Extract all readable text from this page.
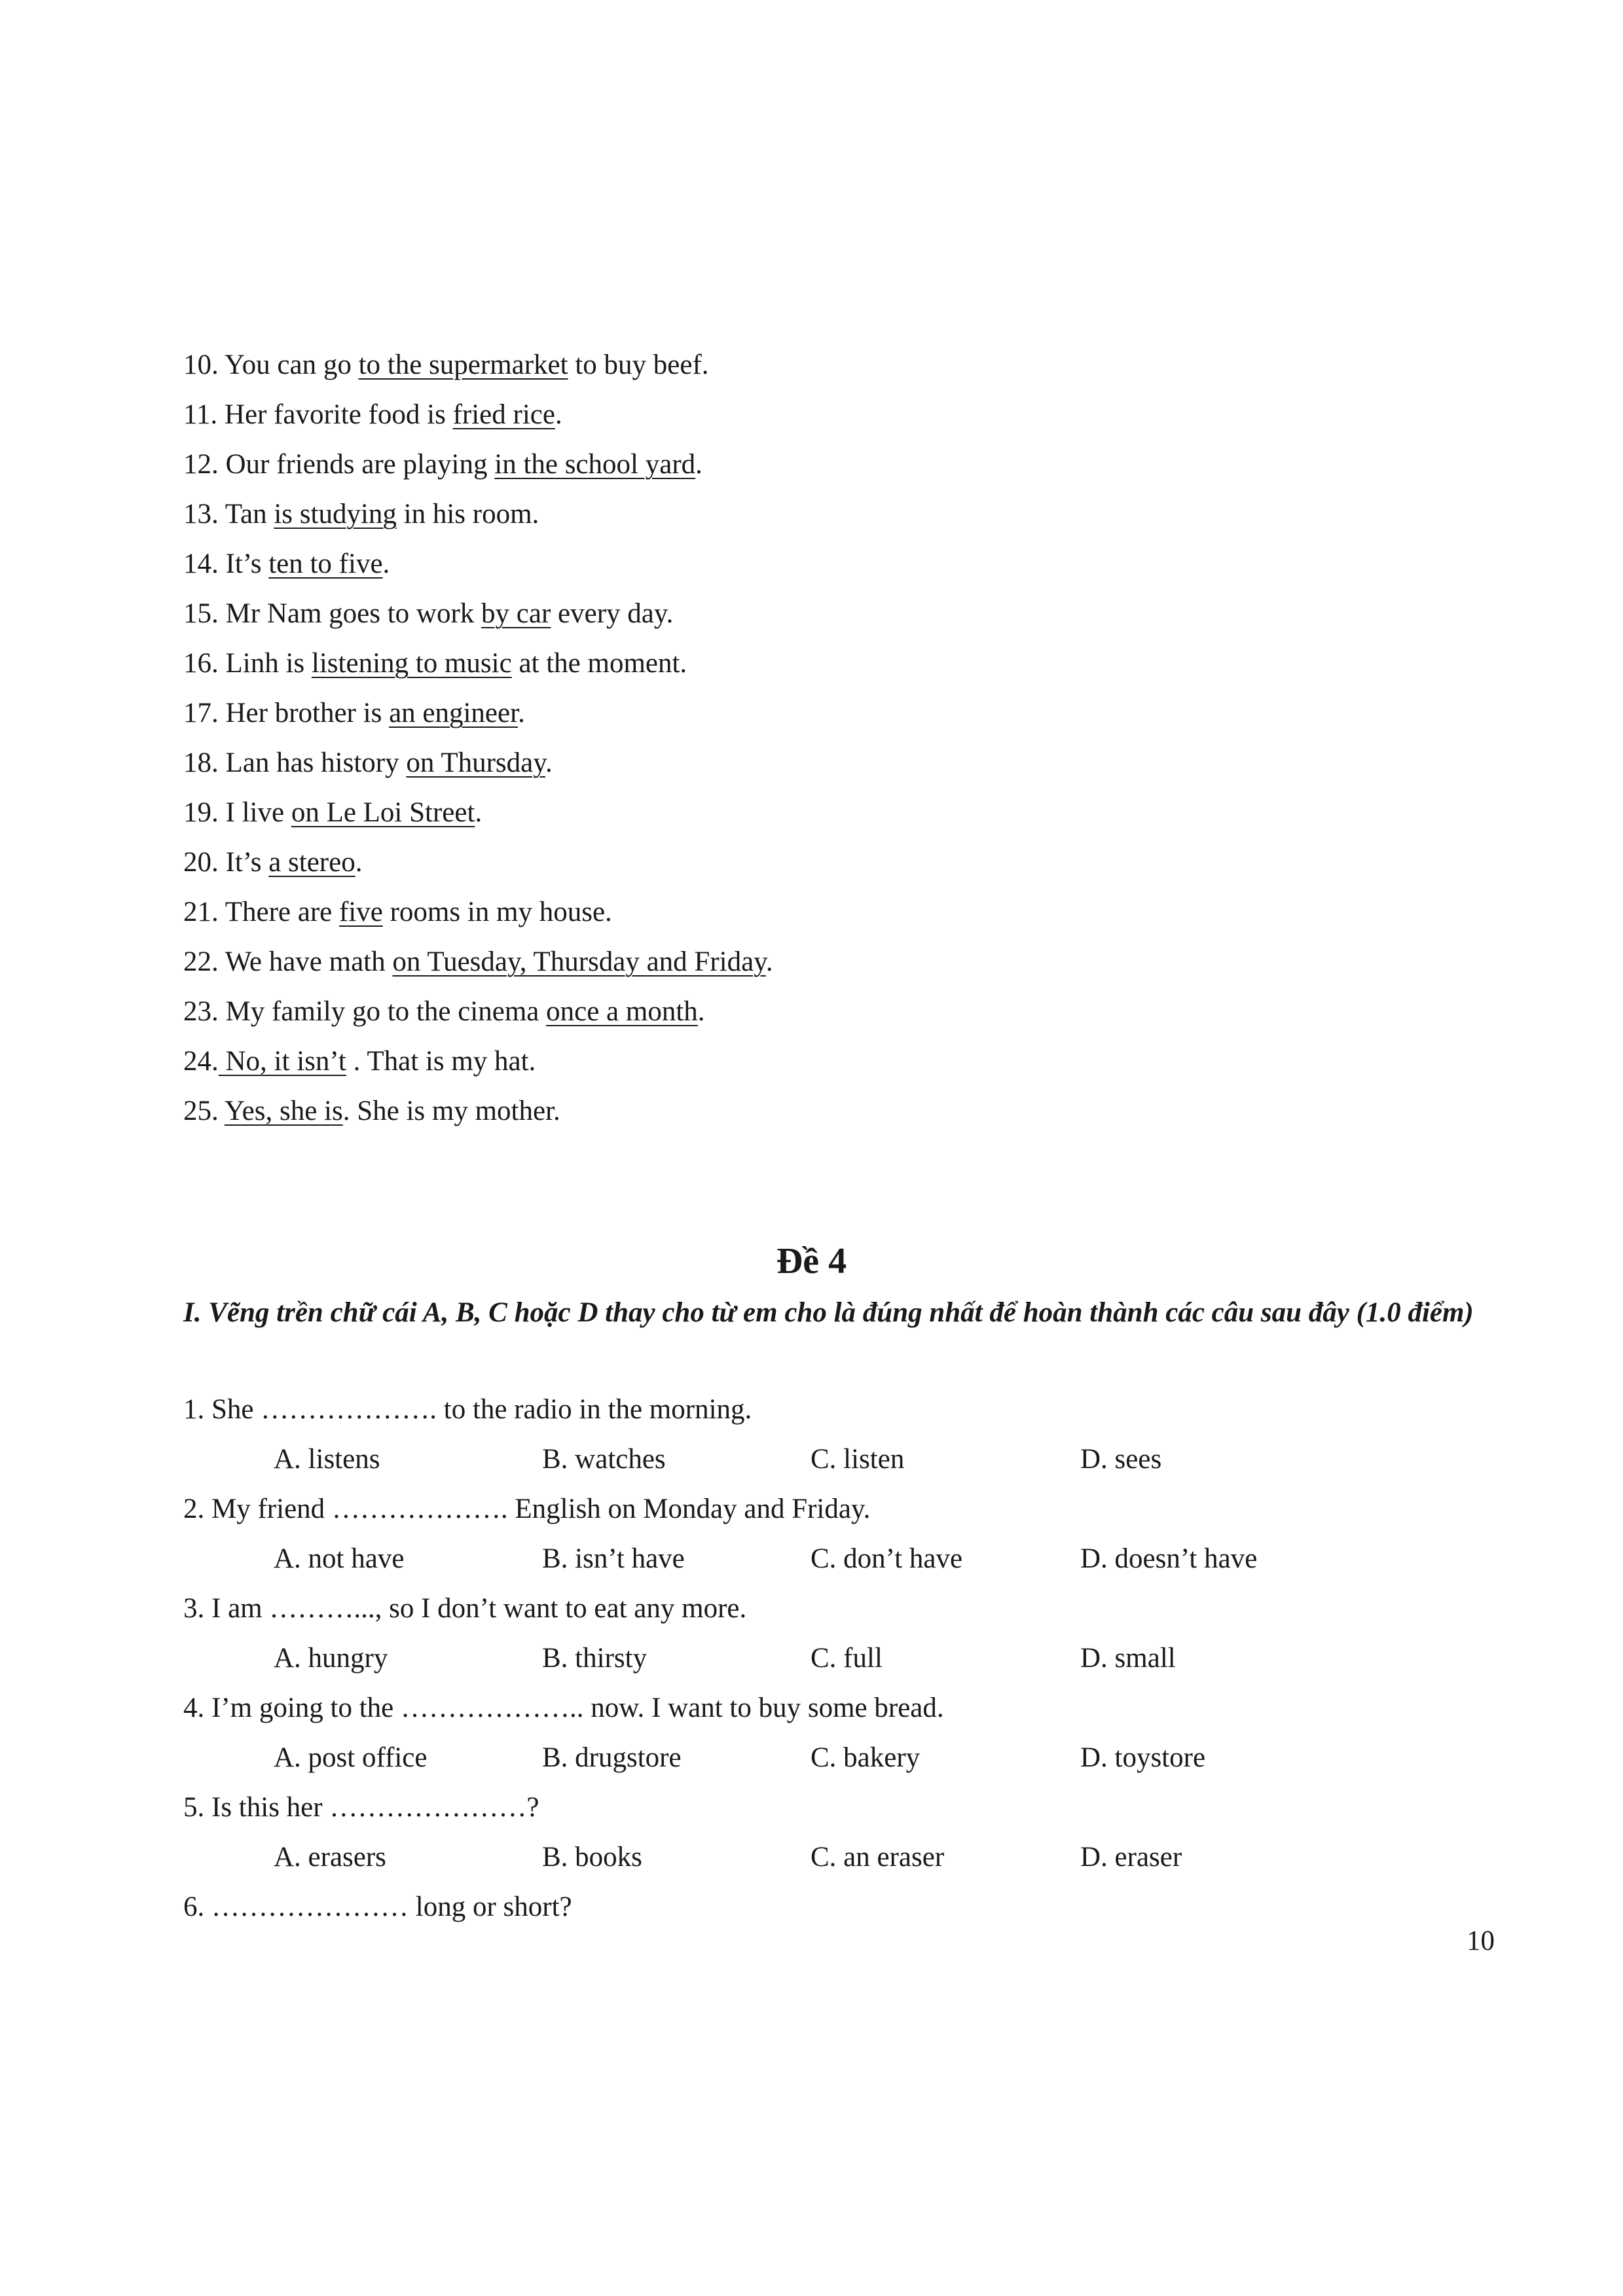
10. You can go to the supermarket to buy beef.
11. Her favorite food is fried rice.
12. Our friends are playing in the school yard.
13. Tan is studying in his room.
14. It’s ten to five.
15. Mr Nam goes to work by car every day.
16. Linh is listening to music at the moment.
17. Her brother is an engineer.
18. Lan has history on Thursday.
19. I live on Le Loi Street.
20. It’s a stereo.
21. There are five rooms in my house.
22. We have math on Tuesday, Thursday and Friday.
23. My family go to the cinema once a month.
24. No, it isn’t . That is my hat.
25. Yes, she is. She is my mother.
Đề 4
I. Vẽng trền chữ cái A, B, C hoặc D thay cho từ em cho là đúng nhất để hoàn thành các câu sau đây (1.0 điểm)
1. She ………………. to the radio in the morning.
A. listens	B. watches	C. listen	D. sees
2. My friend ………………. English on Monday and Friday.
A. not have	B. isn’t have	C. don’t have	D. doesn’t have
3. I am ………..., so I don’t want to eat any more.
A. hungry	B. thirsty	C. full	D. small
4. I’m going to the ……………….. now. I want to buy some bread.
A. post office	B. drugstore	C. bakery	D. toystore
5. Is this her …………………?
A. erasers	B. books	C. an eraser	D. eraser
6. ………………… long or short?
10
